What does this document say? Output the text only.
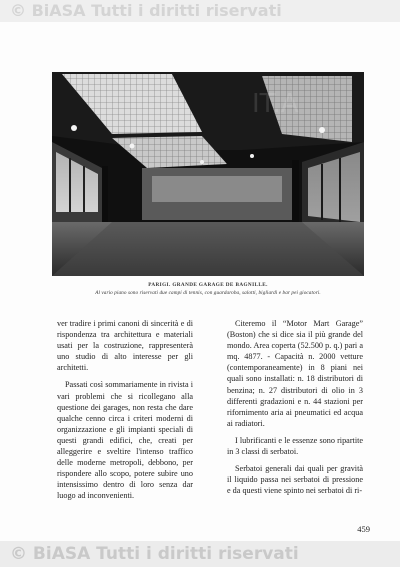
© BiASA Tutti i diritti riservati
IT.A
PARIGI. GRANDE GARAGE DE BAGNILLE.
Al vario piano sono riservati due campi di tennis, con guardaroba, salotti, bigliardi e bar pei giocatori.

ver tradire i primi canoni di sincerità e di rispondenza tra architettura e materiali usati per la costruzione, rappresenterà uno studio di alto interesse per gli architetti.

Passati così sommariamente in rivista i vari problemi che si ricollegano alla questione dei garages, non resta che dare qualche cenno circa i criteri moderni di organizzazione e gli impianti speciali di questi grandi edifici, che, creati per alleggerire e sveltire l'intenso traffico delle moderne metropoli, debbono, per rispondere allo scopo, potere subire uno intensissimo dentro di loro senza dar luogo ad inconvenienti.

Citeremo il “Motor Mart Garage” (Boston) che si dice sia il più grande del mondo. Area coperta (52.500 p. q.) pari a mq. 4877. - Capacità n. 2000 vetture (contemporaneamente) in 8 piani nei quali sono installati: n. 18 distributori di benzina; n. 27 distributori di olio in 3 differenti gradazioni e n. 44 stazioni per rifornimento aria ai pneumatici ed acqua ai radiatori.

I lubrificanti e le essenze sono ripartite in 3 classi di serbatoi.

Serbatoi generali dai quali per gravità il liquido passa nei serbatoi di pressione e da questi viene spinto nei serbatoi di ri-

459
© BiASA Tutti i diritti riservati
